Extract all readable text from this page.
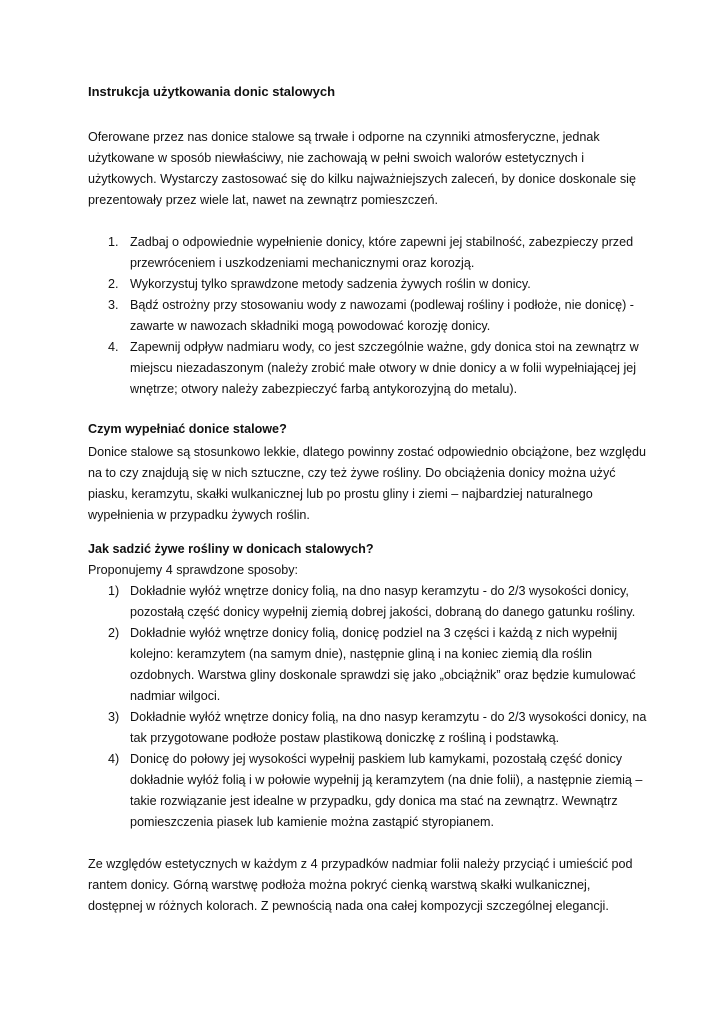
Instrukcja użytkowania donic stalowych

Oferowane przez nas donice stalowe są trwałe i odporne na czynniki atmosferyczne, jednak użytkowane w sposób niewłaściwy, nie zachowają w pełni swoich walorów estetycznych i użytkowych. Wystarczy zastosować się do kilku najważniejszych zaleceń, by donice doskonale się prezentowały przez wiele lat, nawet na zewnątrz pomieszczeń.

1. Zadbaj o odpowiednie wypełnienie donicy, które zapewni jej stabilność, zabezpieczy przed przewróceniem i uszkodzeniami mechanicznymi oraz korozją.
2. Wykorzystuj tylko sprawdzone metody sadzenia żywych roślin w donicy.
3. Bądź ostrożny przy stosowaniu wody z nawozami (podlewaj rośliny i podłoże, nie donicę) - zawarte w nawozach składniki mogą powodować korozję donicy.
4. Zapewnij odpływ nadmiaru wody, co jest szczególnie ważne, gdy donica stoi na zewnątrz w miejscu niezadaszonym (należy zrobić małe otwory w dnie donicy a w folii wypełniającej jej wnętrze; otwory należy zabezpieczyć farbą antykorozyjną do metalu).
Czym wypełniać donice stalowe?

Donice stalowe są stosunkowo lekkie, dlatego powinny zostać odpowiednio obciążone, bez względu na to czy znajdują się w nich sztuczne, czy też żywe rośliny. Do obciążenia donicy można użyć piasku, keramzytu, skałki wulkanicznej lub po prostu gliny i ziemi – najbardziej naturalnego wypełnienia w przypadku żywych roślin.

Jak sadzić żywe rośliny w donicach stalowych?

Proponujemy 4 sprawdzone sposoby:

1) Dokładnie wyłóż wnętrze donicy folią, na dno nasyp keramzytu - do 2/3 wysokości donicy, pozostałą część donicy wypełnij ziemią dobrej jakości, dobraną do danego gatunku rośliny.
2) Dokładnie wyłóż wnętrze donicy folią, donicę podziel na 3 części i każdą z nich wypełnij kolejno: keramzytem (na samym dnie), następnie gliną i na koniec ziemią dla roślin ozdobnych. Warstwa gliny doskonale sprawdzi się jako „obciążnik” oraz będzie kumulować nadmiar wilgoci.
3) Dokładnie wyłóż wnętrze donicy folią, na dno nasyp keramzytu - do 2/3 wysokości donicy, na tak przygotowane podłoże postaw plastikową doniczkę z rośliną i podstawką.
4) Donicę do połowy jej wysokości wypełnij paskiem lub kamykami, pozostałą część donicy dokładnie wyłóż folią i w połowie wypełnij ją keramzytem (na dnie folii), a następnie ziemią – takie rozwiązanie jest idealne w przypadku, gdy donica ma stać na zewnątrz. Wewnątrz pomieszczenia piasek lub kamienie można zastąpić styropianem.

Ze względów estetycznych w każdym z 4 przypadków nadmiar folii należy przyciąć i umieścić pod rantem donicy. Górną warstwę podłoża można pokryć cienką warstwą skałki wulkanicznej, dostępnej w różnych kolorach. Z pewnością nada ona całej kompozycji szczególnej elegancji.
